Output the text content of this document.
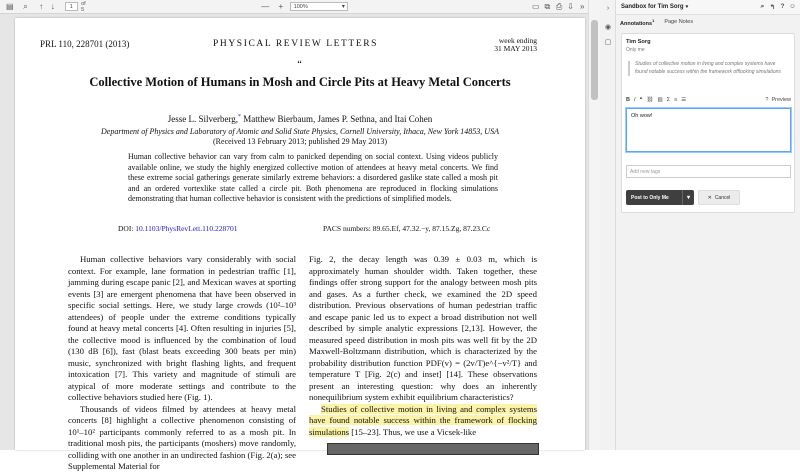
▤	⌕	↑ ↓	1
of 5	—	+	100%	▾	▭ ⧉ ⎙ ⇩ »
PRL 110, 228701 (2013)	PHYSICAL REVIEW LETTERS	week ending
31 MAY 2013
🙶
Collective Motion of Humans in Mosh and Circle Pits at Heavy Metal Concerts
Jesse L. Silverberg,* Matthew Bierbaum, James P. Sethna, and Itai Cohen
Department of Physics and Laboratory of Atomic and Solid State Physics, Cornell University, Ithaca, New York 14853, USA
(Received 13 February 2013; published 29 May 2013)
Human collective behavior can vary from calm to panicked depending on social context. Using videos publicly available online, we study the highly energized collective motion of attendees at heavy metal concerts. We find these extreme social gatherings generate similarly extreme behaviors: a disordered gaslike state called a mosh pit and an ordered vortexlike state called a circle pit. Both phenomena are reproduced in flocking simulations demonstrating that human collective behavior is consistent with the predictions of simplified models.
DOI: 10.1103/PhysRevLett.110.228701	PACS numbers: 89.65.Ef, 47.32.−y, 87.15.Zg, 87.23.Cc

Human collective behaviors vary considerably with social context. For example, lane formation in pedestrian traffic [1], jamming during escape panic [2], and Mexican waves at sporting events [3] are emergent phenomena that have been observed in specific social settings. Here, we study large crowds (10²–10³ attendees) of people under the extreme conditions typically found at heavy metal concerts [4]. Often resulting in injuries [5], the collective mood is influenced by the combination of loud (130 dB [6]), fast (blast beats exceeding 300 beats per min) music, synchronized with bright flashing lights, and frequent intoxication [7]. This variety and magnitude of stimuli are atypical of more moderate settings and contribute to the collective behaviors studied here (Fig. 1).

Thousands of videos filmed by attendees at heavy metal concerts [8] highlight a collective phenomenon consisting of 10¹–10² participants commonly referred to as a mosh pit. In traditional mosh pits, the participants (moshers) move randomly, colliding with one another in an undirected fashion (Fig. 2(a); see Supplemental Material for

Fig. 2, the decay length was 0.39 ± 0.03 m, which is approximately human shoulder width. Taken together, these findings offer strong support for the analogy between mosh pits and gases. As a further check, we examined the 2D speed distribution. Previous observations of human pedestrian traffic and escape panic led us to expect a broad distribution not well described by simple analytic expressions [2,13]. However, the measured speed distribution in mosh pits was well fit by the 2D Maxwell-Boltzmann distribution, which is characterized by the probability distribution function PDF(v) = (2v/T)e^{−v²/T} and temperature T [Fig. 2(c) and inset] [14]. These observations present an interesting question: why does an inherently nonequilibrium system exhibit equilibrium characteristics?

Studies of collective motion in living and complex systems have found notable success within the framework of flocking simulations [15–23]. Thus, we use a Vicsek-like

›
◉
▢
Sandbox for Tim Sorg ▾	⌕ ↰ ? ☺
Annotations$^1$ Page Notes
Tim Sorg
Only me
Studies of collective motion in living and complex systems have found notable success within the framework offlocking simulations
B I ❝ ⛓ ▨ Σ ≡ ☰	? Preview
Oh wow!
Add new tags
Post to Only Me	▾	✕ Cancel
